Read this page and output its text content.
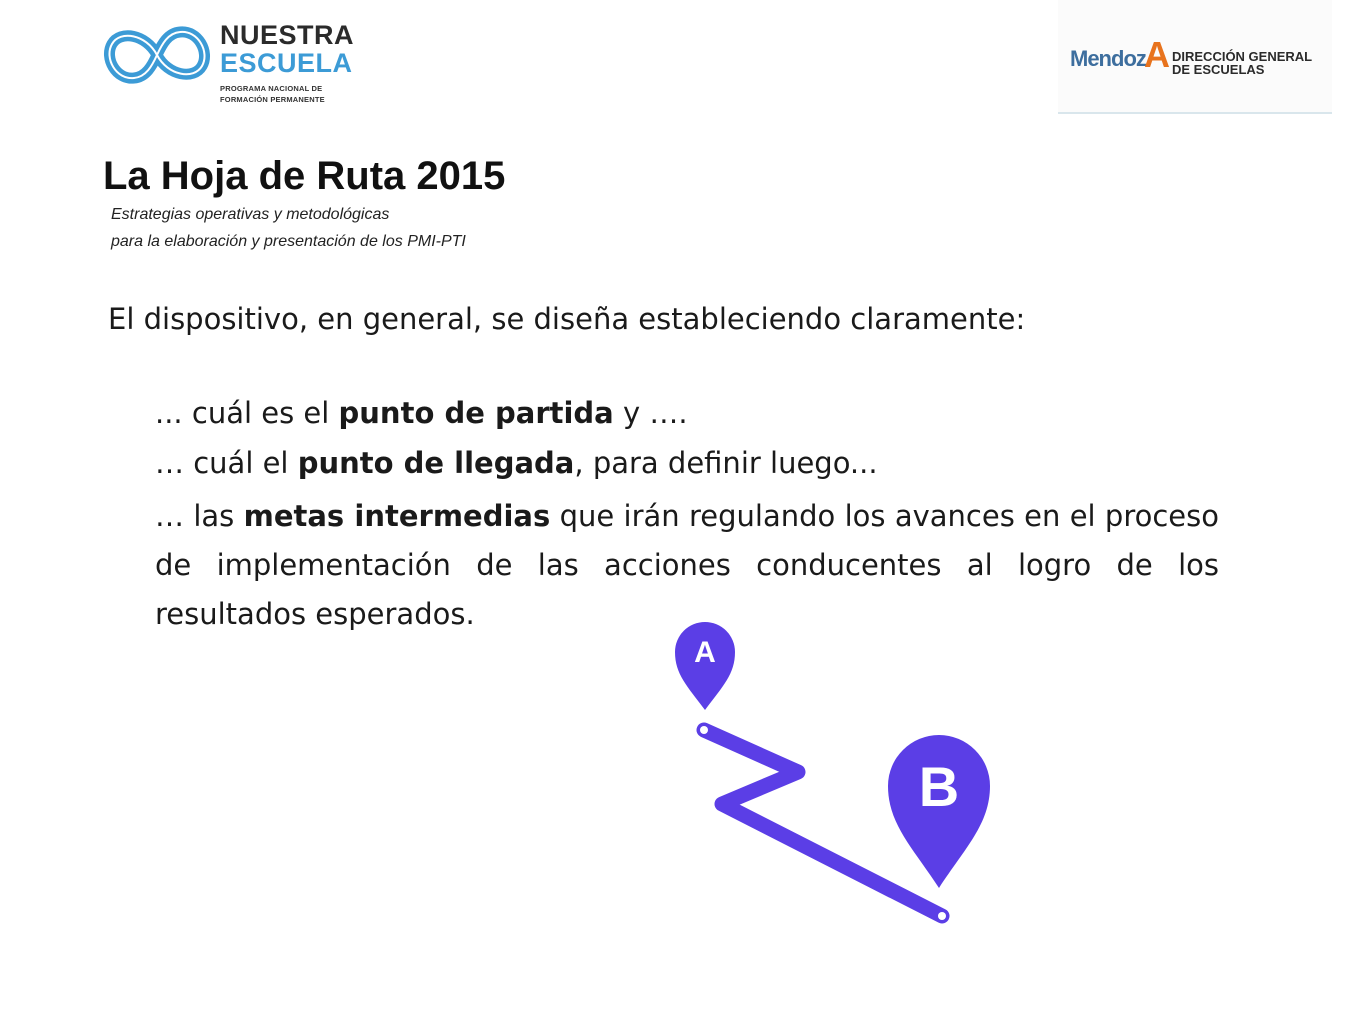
NUESTRA
ESCUELA
PROGRAMA NACIONAL DE
FORMACIÓN PERMANENTE
Mendoz
A DIRECCIÓN GENERAL
DE ESCUELAS
La Hoja de Ruta 2015
Estrategias operativas y metodológicas
para la elaboración y presentación de los PMI-PTI
El dispositivo, en general, se diseña estableciendo claramente:
... cuál es el punto de partida y ….
… cuál el punto de llegada, para definir luego...
… las metas intermedias que irán regulando los avances en el proceso de implementación de las acciones conducentes al logro de los resultados esperados.
A
B
